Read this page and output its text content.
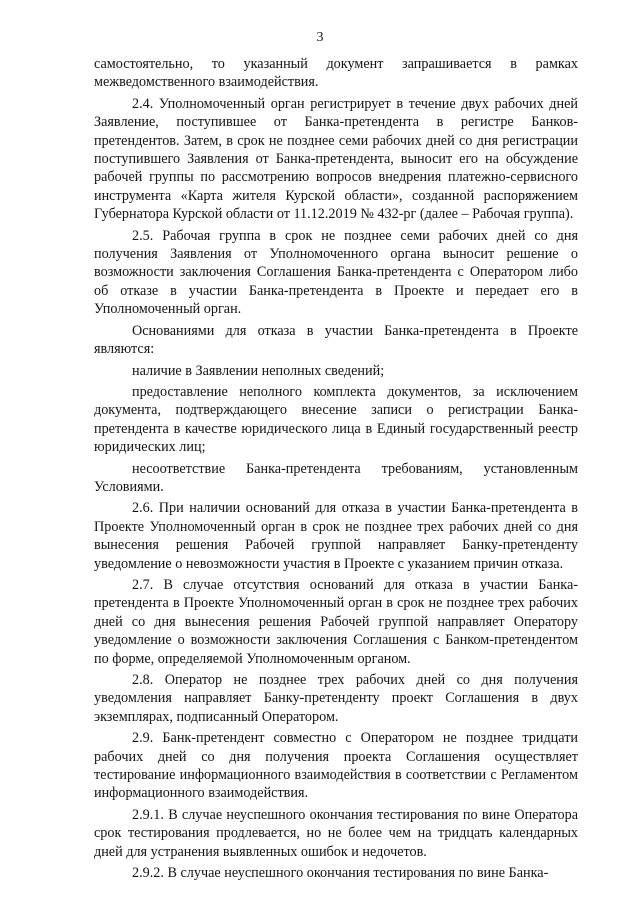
3

самостоятельно, то указанный документ запрашивается в рамках межведомственного взаимодействия.

2.4. Уполномоченный орган регистрирует в течение двух рабочих дней Заявление, поступившее от Банка-претендента в регистре Банков-претендентов. Затем, в срок не позднее семи рабочих дней со дня регистрации поступившего Заявления от Банка-претендента, выносит его на обсуждение рабочей группы по рассмотрению вопросов внедрения платежно-сервисного инструмента «Карта жителя Курской области», созданной распоряжением Губернатора Курской области от 11.12.2019 № 432-рг (далее – Рабочая группа).

2.5. Рабочая группа в срок не позднее семи рабочих дней со дня получения Заявления от Уполномоченного органа выносит решение о возможности заключения Соглашения Банка-претендента с Оператором либо об отказе в участии Банка-претендента в Проекте и передает его в Уполномоченный орган.

Основаниями для отказа в участии Банка-претендента в Проекте являются:

наличие в Заявлении неполных сведений;

предоставление неполного комплекта документов, за исключением документа, подтверждающего внесение записи о регистрации Банка-претендента в качестве юридического лица в Единый государственный реестр юридических лиц;

несоответствие Банка-претендента требованиям, установленным Условиями.

2.6. При наличии оснований для отказа в участии Банка-претендента в Проекте Уполномоченный орган в срок не позднее трех рабочих дней со дня вынесения решения Рабочей группой направляет Банку-претенденту уведомление о невозможности участия в Проекте с указанием причин отказа.

2.7. В случае отсутствия оснований для отказа в участии Банка-претендента в Проекте Уполномоченный орган в срок не позднее трех рабочих дней со дня вынесения решения Рабочей группой направляет Оператору уведомление о возможности заключения Соглашения с Банком-претендентом по форме, определяемой Уполномоченным органом.

2.8. Оператор не позднее трех рабочих дней со дня получения уведомления направляет Банку-претенденту проект Соглашения в двух экземплярах, подписанный Оператором.

2.9. Банк-претендент совместно с Оператором не позднее тридцати рабочих дней со дня получения проекта Соглашения осуществляет тестирование информационного взаимодействия в соответствии с Регламентом информационного взаимодействия.

2.9.1. В случае неуспешного окончания тестирования по вине Оператора срок тестирования продлевается, но не более чем на тридцать календарных дней для устранения выявленных ошибок и недочетов.

2.9.2. В случае неуспешного окончания тестирования по вине Банка-
